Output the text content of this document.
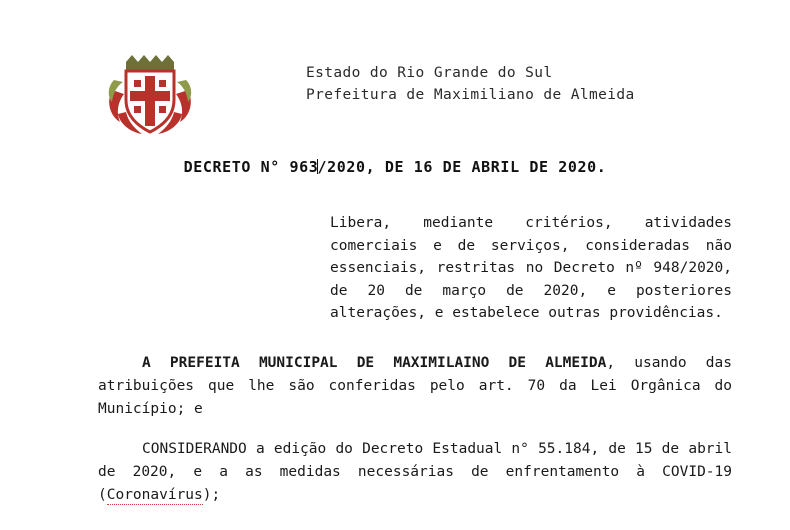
Estado do Rio Grande do Sul
Prefeitura de Maximiliano de Almeida
DECRETO N° 963/2020, DE 16 DE ABRIL DE 2020.
Libera, mediante critérios, atividades comerciais e de serviços, consideradas não essenciais, restritas no Decreto nº 948/2020, de 20 de março de 2020, e posteriores alterações, e estabelece outras providências.

A PREFEITA MUNICIPAL DE MAXIMILAINO DE ALMEIDA, usando das atribuições que lhe são conferidas pelo art. 70 da Lei Orgânica do Município; e

CONSIDERANDO a edição do Decreto Estadual n° 55.184, de 15 de abril de 2020, e a as medidas necessárias de enfrentamento à COVID-19 (Coronavírus);
